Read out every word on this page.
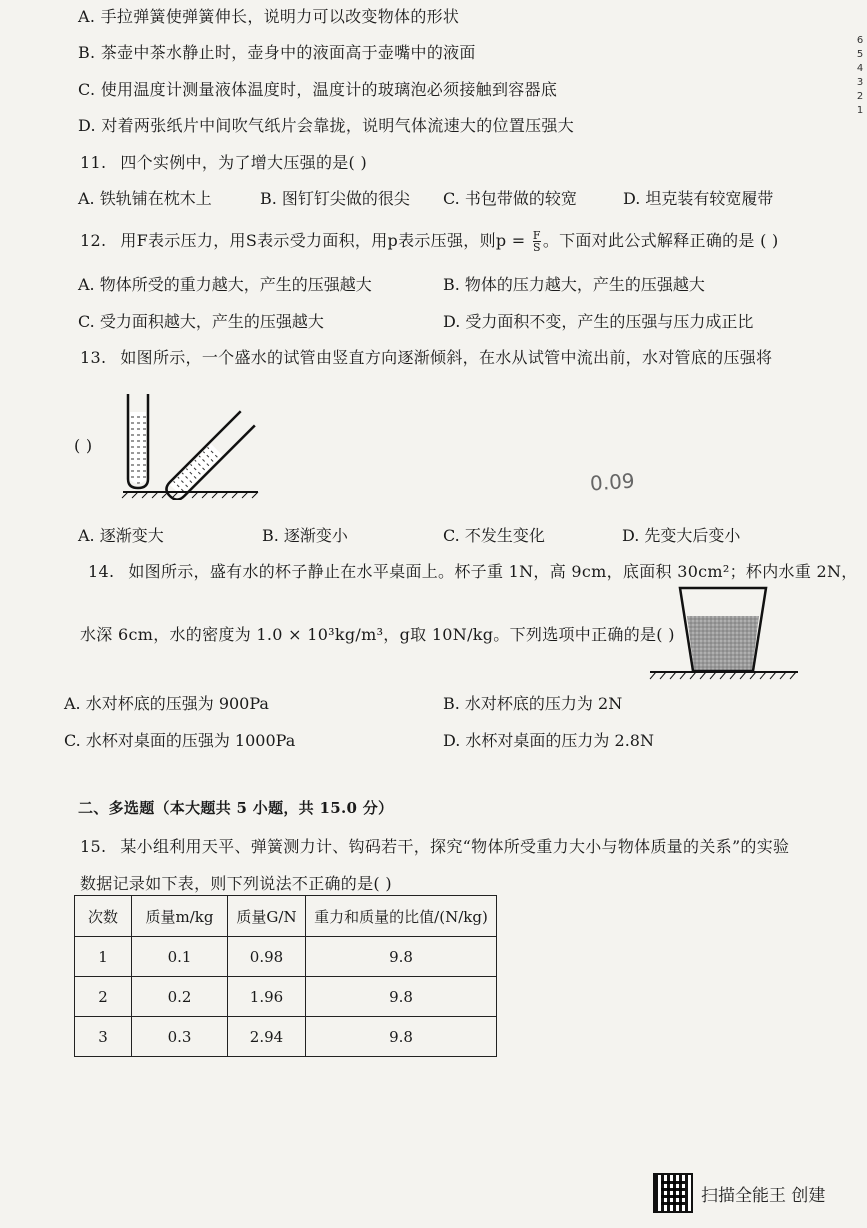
A. 手拉弹簧使弹簧伸长，说明力可以改变物体的形状
B. 茶壶中茶水静止时，壶身中的液面高于壶嘴中的液面
C. 使用温度计测量液体温度时，温度计的玻璃泡必须接触到容器底
D. 对着两张纸片中间吹气纸片会靠拢，说明气体流速大的位置压强大
6
5
4
3
2
1
11. 四个实例中，为了增大压强的是( )
A. 铁轨铺在枕木上	B. 图钉钉尖做的很尖 C. 书包带做的较宽	D. 坦克装有较宽履带
12. 用F表示压力，用S表示受力面积，用p表示压强，则$p = \frac{F}{S}$ 。下面对此公式解释正确的是 ( )
A. 物体所受的重力越大，产生的压强越大	B. 物体的压力越大，产生的压强越大
C. 受力面积越大，产生的压强越大	D. 受力面积不变，产生的压强与压力成正比
13. 如图所示，一个盛水的试管由竖直方向逐渐倾斜，在水从试管中流出前，水对管底的压强将
( )
0.09
A. 逐渐变大	B. 逐渐变小	C. 不发生变化	D. 先变大后变小
14. 如图所示，盛有水的杯子静止在水平桌面上。杯子重 1N，高 9cm，底面积 30cm²；杯内水重 2N，
水深 6cm，水的密度为 1.0 × 10³kg/m³，g取 10N/kg。下列选项中正确的是( )
A. 水对杯底的压强为 900Pa	B. 水对杯底的压力为 2N
C. 水杯对桌面的压强为 1000Pa	D. 水杯对桌面的压力为 2.8N
二、多选题（本大题共 5 小题，共 15.0 分）
15. 某小组利用天平、弹簧测力计、钩码若干，探究“物体所受重力大小与物体质量的关系”的实验
数据记录如下表，则下列说法不正确的是( )
次数	质量m/kg	质量G/N	重力和质量的比值/(N/kg)
1	0.1	0.98	9.8
2	0.2	1.96	9.8
3	0.3	2.94	9.8
扫描全能王 创建
